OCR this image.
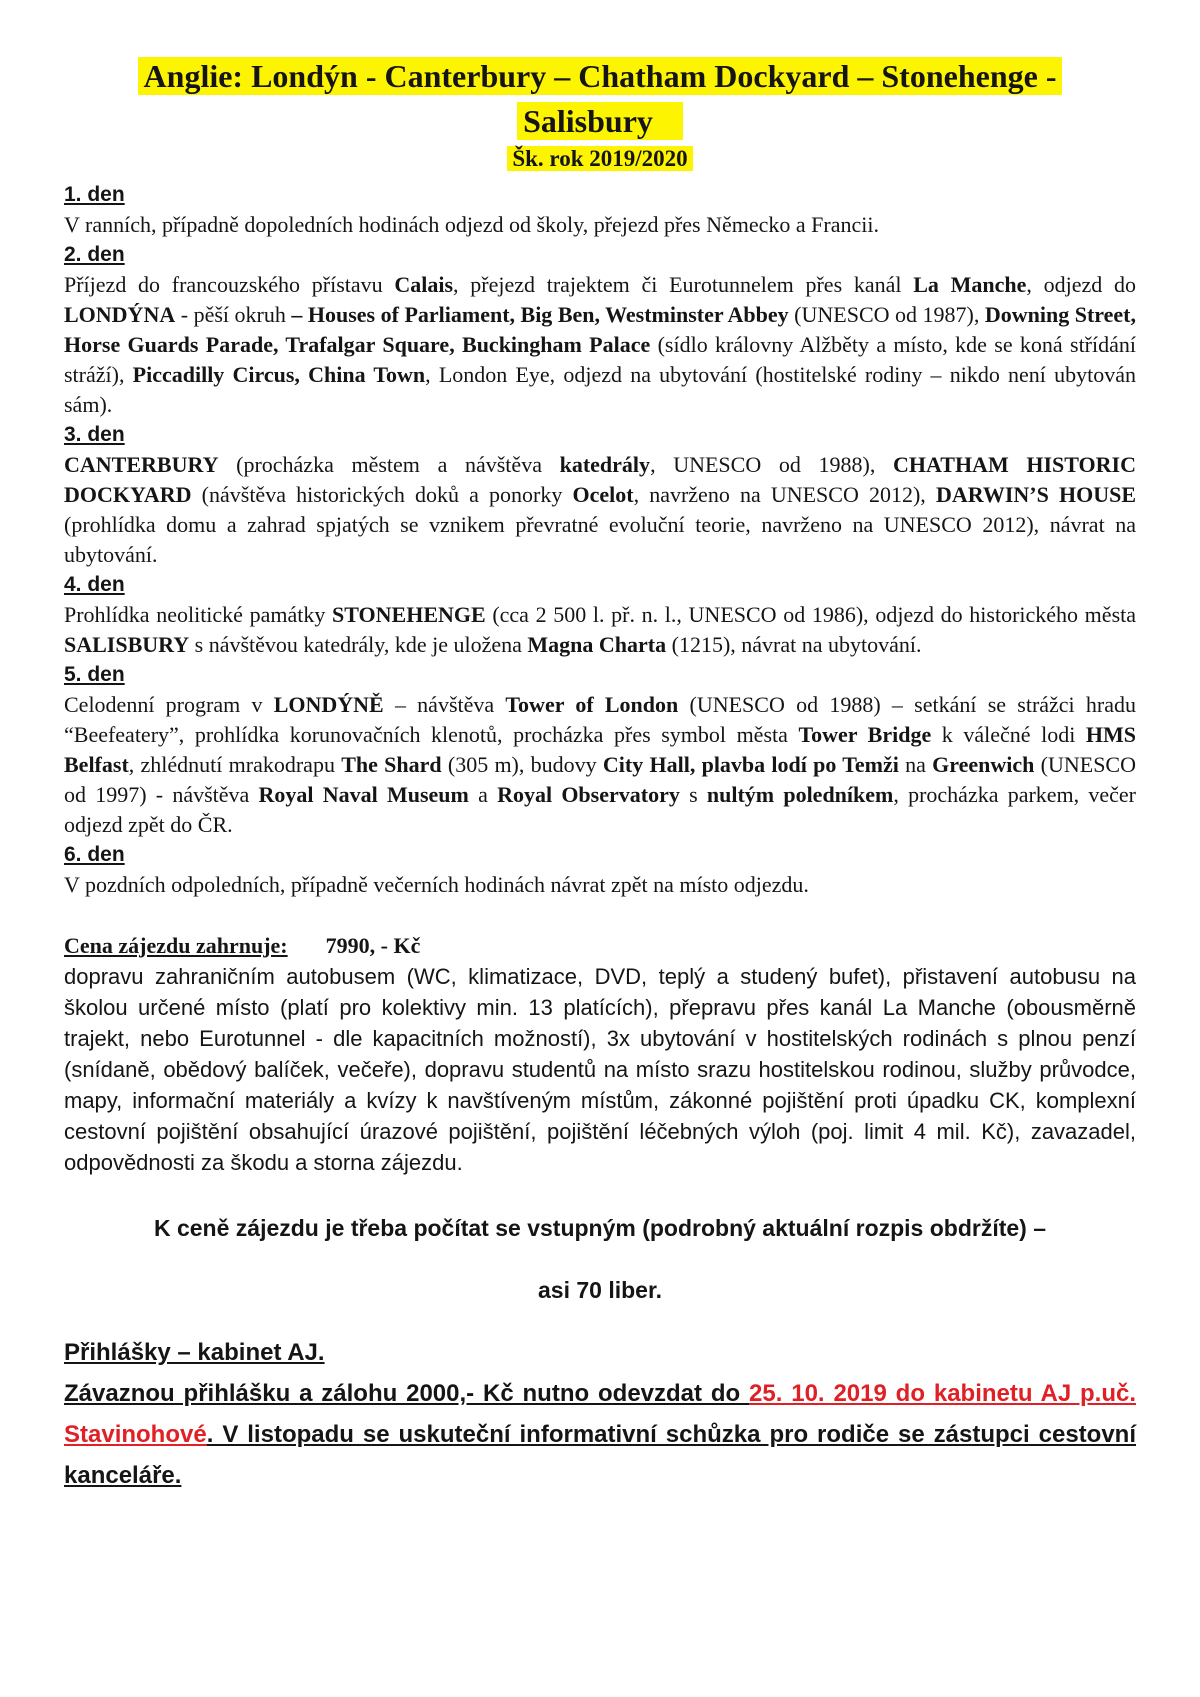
Anglie: Londýn - Canterbury – Chatham Dockyard – Stonehenge -
Salisbury
Šk. rok 2019/2020
1. den

V ranních, případně dopoledních hodinách odjezd od školy, přejezd přes Německo a Francii.

2. den

Příjezd do francouzského přístavu Calais, přejezd trajektem či Eurotunnelem přes kanál La Manche, odjezd do LONDÝNA - pěší okruh – Houses of Parliament, Big Ben, Westminster Abbey (UNESCO od 1987), Downing Street, Horse Guards Parade, Trafalgar Square, Buckingham Palace (sídlo královny Alžběty a místo, kde se koná střídání stráží), Piccadilly Circus, China Town, London Eye, odjezd na ubytování (hostitelské rodiny – nikdo není ubytován sám).

3. den

CANTERBURY (procházka městem a návštěva katedrály, UNESCO od 1988), CHATHAM HISTORIC DOCKYARD (návštěva historických doků a ponorky Ocelot, navrženo na UNESCO 2012), DARWIN’S HOUSE (prohlídka domu a zahrad spjatých se vznikem převratné evoluční teorie, navrženo na UNESCO 2012), návrat na ubytování.

4. den

Prohlídka neolitické památky STONEHENGE (cca 2 500 l. př. n. l., UNESCO od 1986), odjezd do historického města SALISBURY s návštěvou katedrály, kde je uložena Magna Charta (1215), návrat na ubytování.

5. den

Celodenní program v LONDÝNĚ – návštěva Tower of London (UNESCO od 1988) – setkání se strážci hradu “Beefeatery”, prohlídka korunovačních klenotů, procházka přes symbol města Tower Bridge k válečné lodi HMS Belfast, zhlédnutí mrakodrapu The Shard (305 m), budovy City Hall, plavba lodí po Temži na Greenwich (UNESCO od 1997) - návštěva Royal Naval Museum a Royal Observatory s nultým poledníkem, procházka parkem, večer odjezd zpět do ČR.

6. den

V pozdních odpoledních, případně večerních hodinách návrat zpět na místo odjezdu.

Cena zájezdu zahrnuje: 7990, - Kč

dopravu zahraničním autobusem (WC, klimatizace, DVD, teplý a studený bufet), přistavení autobusu na školou určené místo (platí pro kolektivy min. 13 platících), přepravu přes kanál La Manche (obousměrně trajekt, nebo Eurotunnel - dle kapacitních možností), 3x ubytování v hostitelských rodinách s plnou penzí (snídaně, obědový balíček, večeře), dopravu studentů na místo srazu hostitelskou rodinou, služby průvodce, mapy, informační materiály a kvízy k navštíveným místům, zákonné pojištění proti úpadku CK, komplexní cestovní pojištění obsahující úrazové pojištění, pojištění léčebných výloh (poj. limit 4 mil. Kč), zavazadel, odpovědnosti za škodu a storna zájezdu.

K ceně zájezdu je třeba počítat se vstupným (podrobný aktuální rozpis obdržíte) –

asi 70 liber.

Přihlášky – kabinet AJ.

Závaznou přihlášku a zálohu 2000,- Kč nutno odevzdat do 25. 10. 2019 do kabinetu AJ p.uč. Stavinohové. V listopadu se uskuteční informativní schůzka pro rodiče se zástupci cestovní kanceláře.
